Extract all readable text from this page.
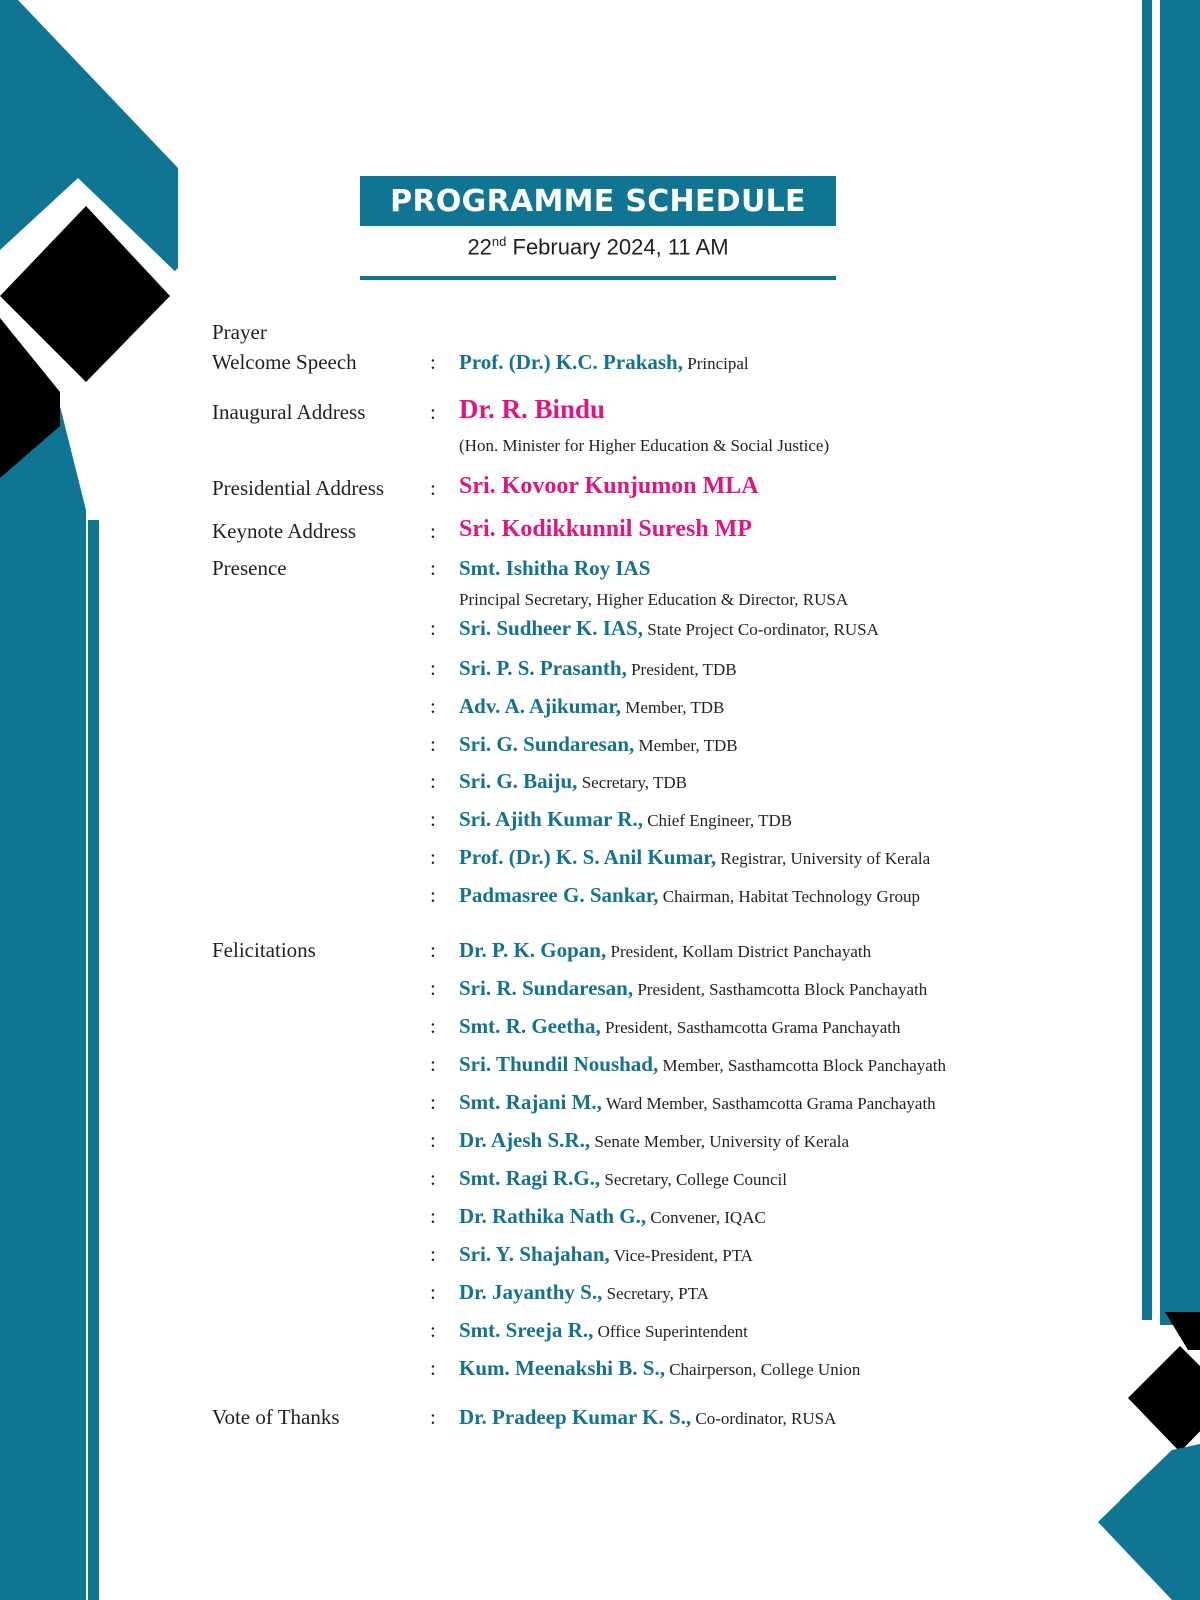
PROGRAMME SCHEDULE
22nd February 2024, 11 AM
Prayer
Welcome Speech	: Prof. (Dr.) K.C. Prakash, Principal
Inaugural Address	: Dr. R. Bindu
(Hon. Minister for Higher Education & Social Justice)
Presidential Address : Sri. Kovoor Kunjumon MLA
Keynote Address	: Sri. Kodikkunnil Suresh MP
Presence	: Smt. Ishitha Roy IAS
Principal Secretary, Higher Education & Director, RUSA
: Sri. Sudheer K. IAS, State Project Co-ordinator, RUSA
: Sri. P. S. Prasanth, President, TDB
: Adv. A. Ajikumar, Member, TDB
: Sri. G. Sundaresan, Member, TDB
: Sri. G. Baiju, Secretary, TDB
: Sri. Ajith Kumar R., Chief Engineer, TDB
: Prof. (Dr.) K. S. Anil Kumar, Registrar, University of Kerala
: Padmasree G. Sankar, Chairman, Habitat Technology Group
Felicitations	: Dr. P. K. Gopan, President, Kollam District Panchayath
: Sri. R. Sundaresan, President, Sasthamcotta Block Panchayath
: Smt. R. Geetha, President, Sasthamcotta Grama Panchayath
: Sri. Thundil Noushad, Member, Sasthamcotta Block Panchayath
: Smt. Rajani M., Ward Member, Sasthamcotta Grama Panchayath
: Dr. Ajesh S.R., Senate Member, University of Kerala
: Smt. Ragi R.G., Secretary, College Council
: Dr. Rathika Nath G., Convener, IQAC
: Sri. Y. Shajahan, Vice-President, PTA
: Dr. Jayanthy S., Secretary, PTA
: Smt. Sreeja R., Office Superintendent
: Kum. Meenakshi B. S., Chairperson, College Union
Vote of Thanks	: Dr. Pradeep Kumar K. S., Co-ordinator, RUSA
